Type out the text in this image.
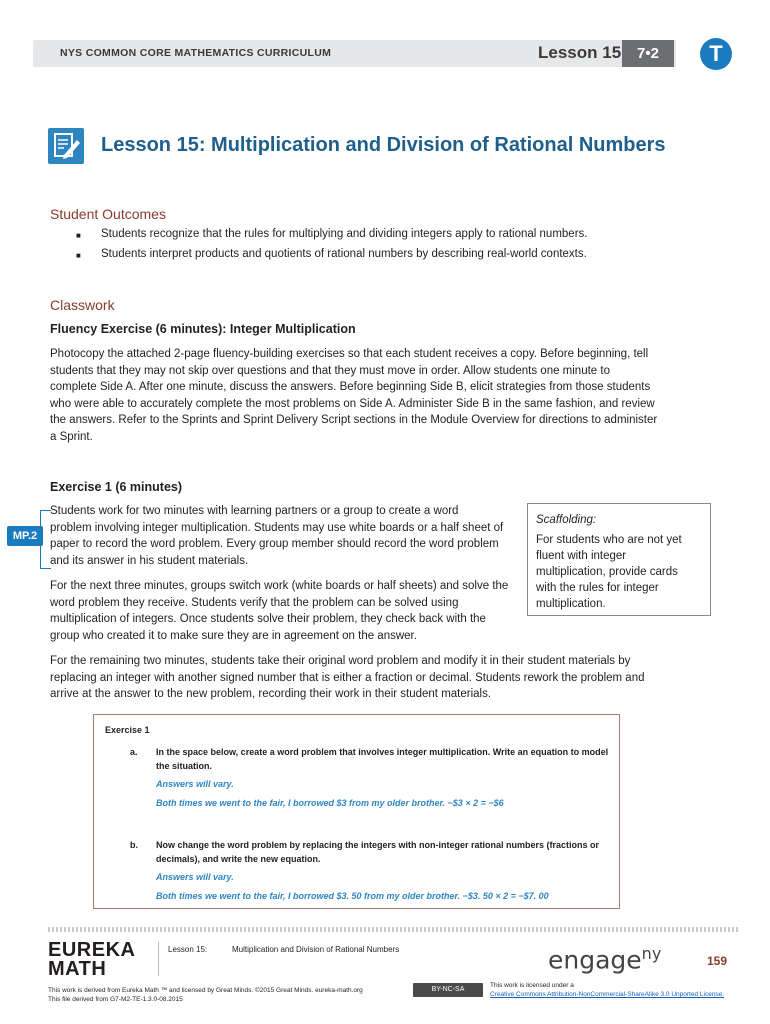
NYS COMMON CORE MATHEMATICS CURRICULUM	Lesson 15	7•2	T
Lesson 15: Multiplication and Division of Rational Numbers
Student Outcomes
■ Students recognize that the rules for multiplying and dividing integers apply to rational numbers.
■ Students interpret products and quotients of rational numbers by describing real-world contexts.
Classwork
Fluency Exercise (6 minutes): Integer Multiplication
Photocopy the attached 2-page fluency-building exercises so that each student receives a copy. Before beginning, tell
students that they may not skip over questions and that they must move in order. Allow students one minute to
complete Side A. After one minute, discuss the answers. Before beginning Side B, elicit strategies from those students
who were able to accurately complete the most problems on Side A. Administer Side B in the same fashion, and review
the answers. Refer to the Sprints and Sprint Delivery Script sections in the Module Overview for directions to administer
a Sprint.
Exercise 1 (6 minutes)
MP.2
Students work for two minutes with learning partners or a group to create a word
problem involving integer multiplication. Students may use white boards or a half sheet of
paper to record the word problem. Every group member should record the word problem
and its answer in his student materials.
For the next three minutes, groups switch work (white boards or half sheets) and solve the
word problem they receive. Students verify that the problem can be solved using
multiplication of integers. Once students solve their problem, they check back with the
group who created it to make sure they are in agreement on the answer.
Scaffolding:
For students who are not yet
fluent with integer
multiplication, provide cards
with the rules for integer
multiplication.
For the remaining two minutes, students take their original word problem and modify it in their student materials by
replacing an integer with another signed number that is either a fraction or decimal. Students rework the problem and
arrive at the answer to the new problem, recording their work in their student materials.
Exercise 1
a. In the space below, create a word problem that involves integer multiplication. Write an equation to model
the situation.
Answers will vary.
Both times we went to the fair, I borrowed $3 from my older brother. −$3 × 2 = −$6
b. Now change the word problem by replacing the integers with non-integer rational numbers (fractions or
decimals), and write the new equation.
Answers will vary.
Both times we went to the fair, I borrowed $3. 50 from my older brother. −$3. 50 × 2 = −$7. 00
EUREKA
MATH
Lesson 15:	Multiplication and Division of Rational Numbers	engage$^{ny}$	159
This work is derived from Eureka Math ™ and licensed by Great Minds. ©2015 Great Minds. eureka-math.org
This file derived from G7-M2-TE-1.3.0-08.2015
BY-NC-SA
This work is licensed under a
Creative Commons Attribution-NonCommercial-ShareAlike 3.0 Unported License.
